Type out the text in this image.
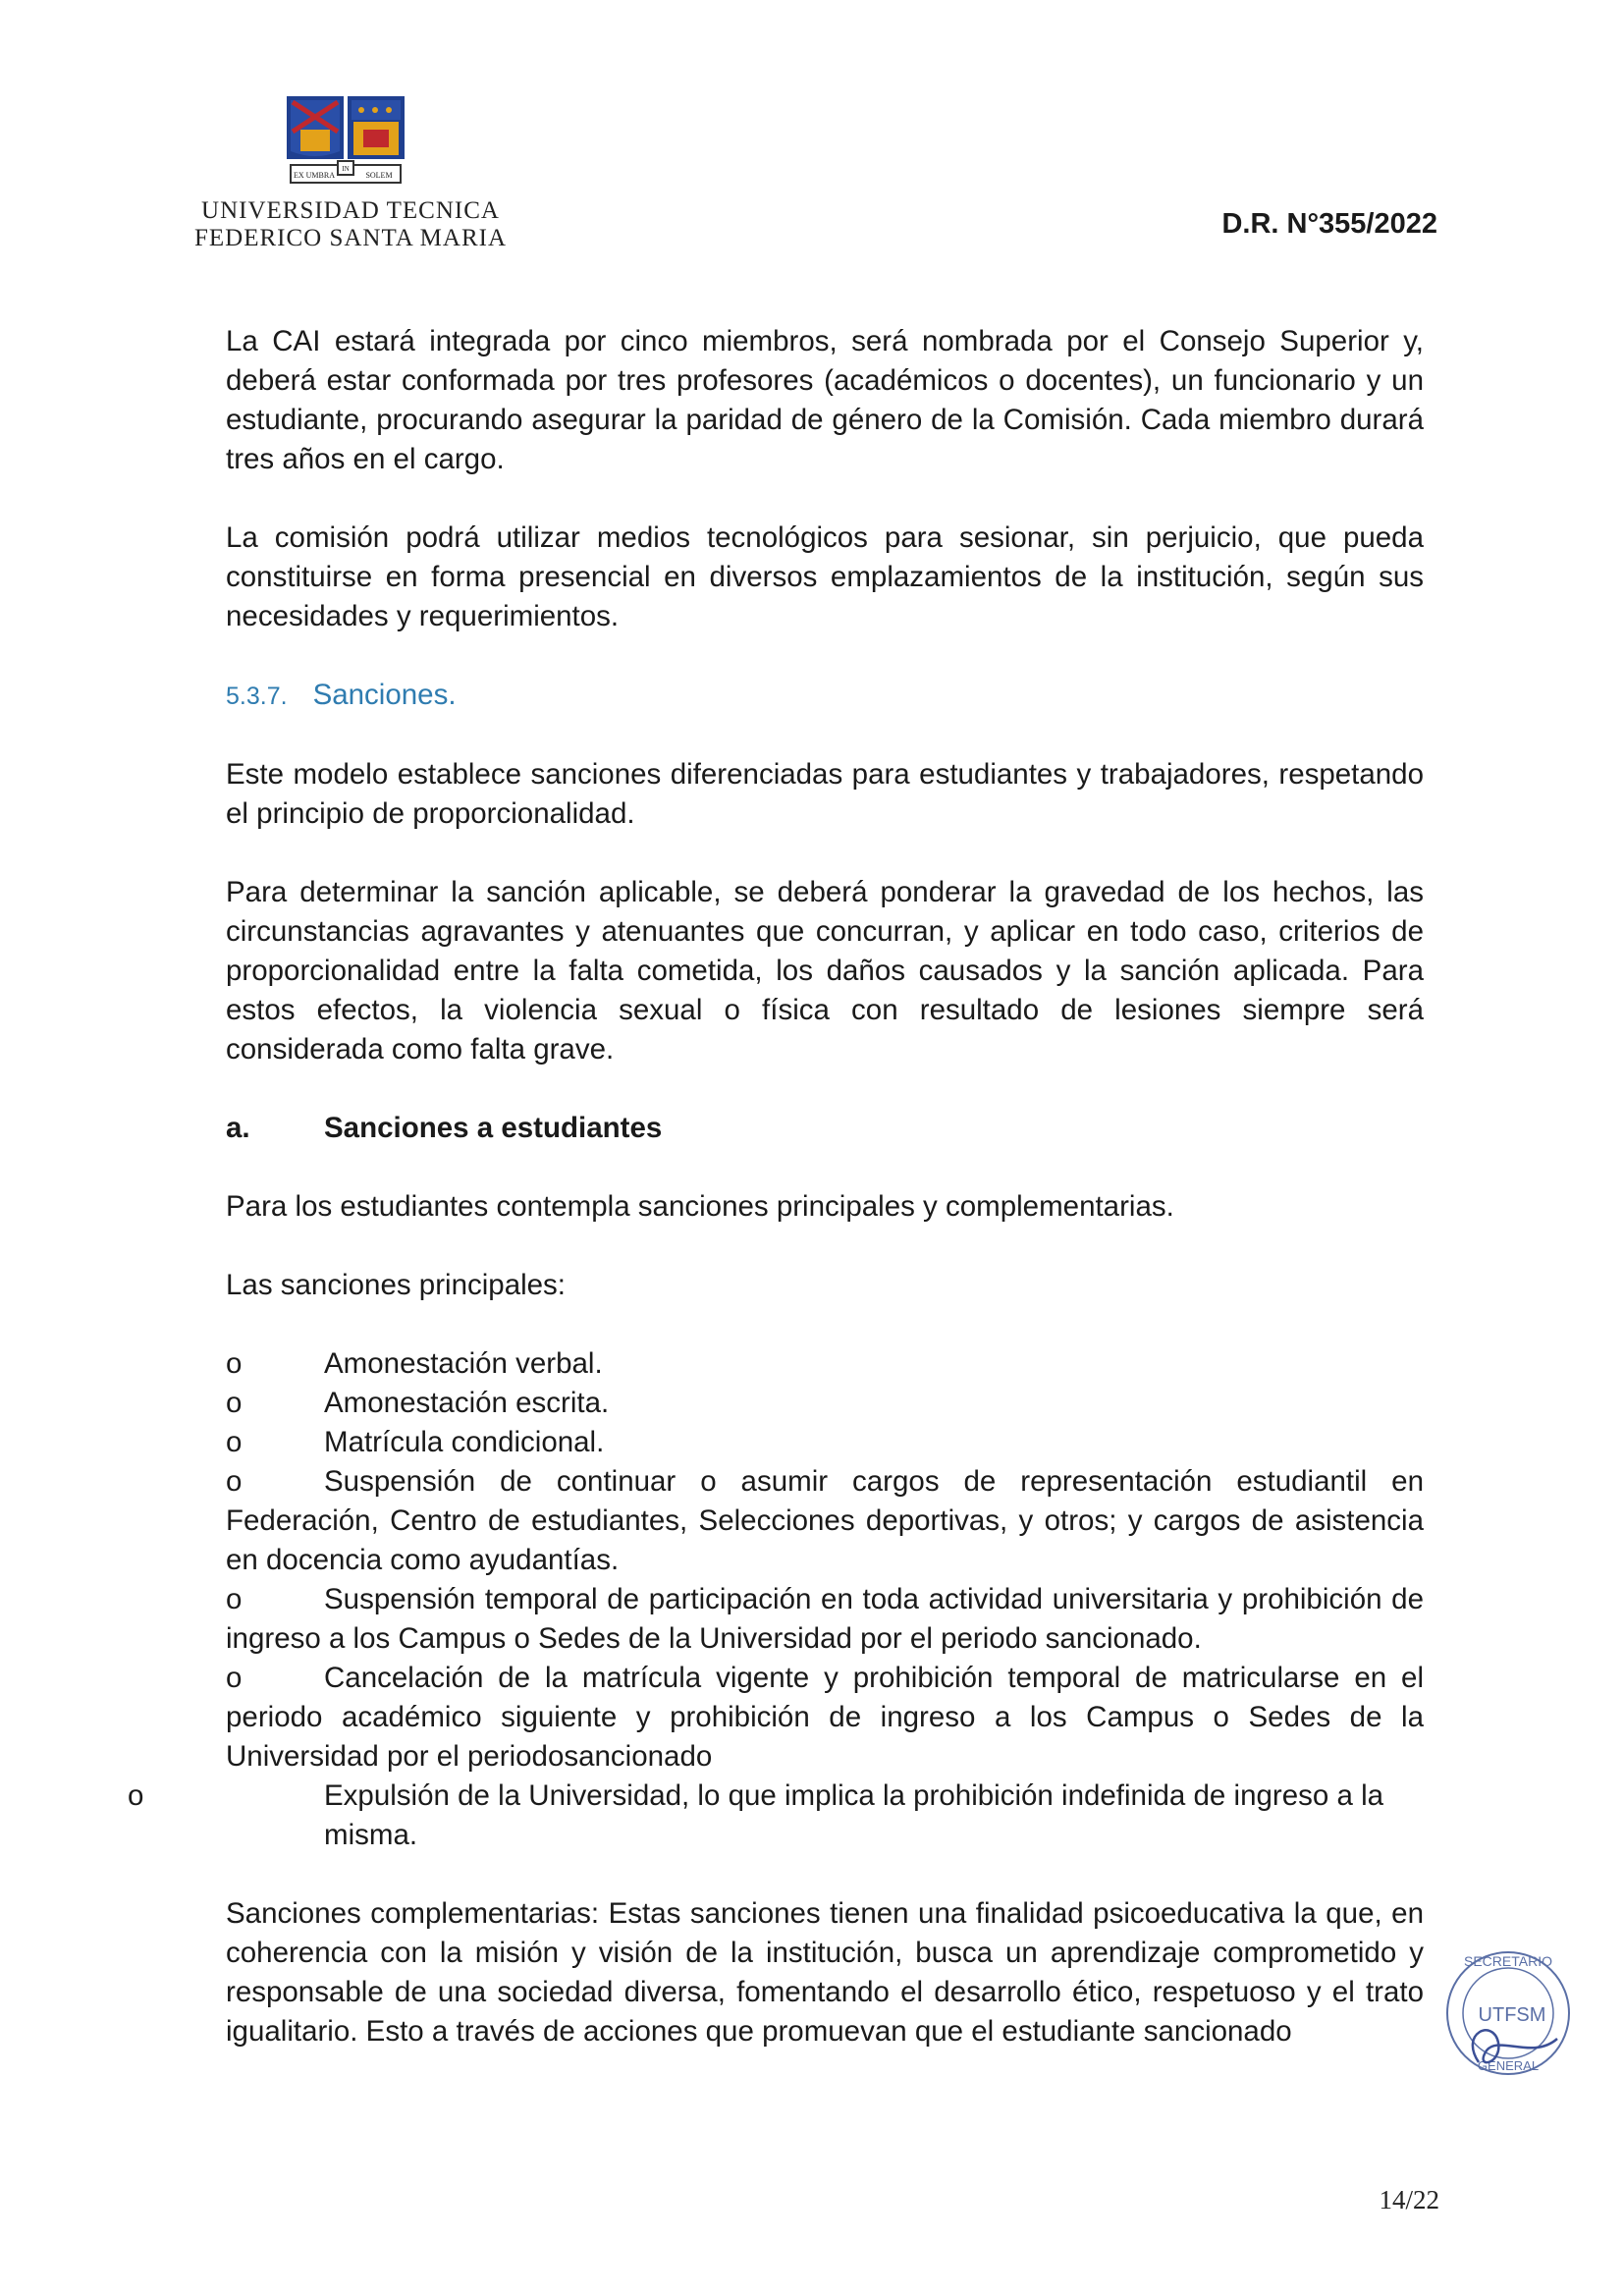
EX UMBRA
IN
SOLEM
UNIVERSIDAD TECNICA
FEDERICO SANTA MARIA	D.R. N°355/2022

La CAI estará integrada por cinco miembros, será nombrada por el Consejo Superior y, deberá estar conformada por tres profesores (académicos o docentes), un funcionario y un estudiante, procurando asegurar la paridad de género de la Comisión. Cada miembro durará tres años en el cargo.

La comisión podrá utilizar medios tecnológicos para sesionar, sin perjuicio, que pueda constituirse en forma presencial en diversos emplazamientos de la institución, según sus necesidades y requerimientos.

5.3.7. Sanciones.

Este modelo establece sanciones diferenciadas para estudiantes y trabajadores, respetando el principio de proporcionalidad.

Para determinar la sanción aplicable, se deberá ponderar la gravedad de los hechos, las circunstancias agravantes y atenuantes que concurran, y aplicar en todo caso, criterios de proporcionalidad entre la falta cometida, los daños causados y la sanción aplicada. Para estos efectos, la violencia sexual o física con resultado de lesiones siempre será considerada como falta grave.

a.	Sanciones a estudiantes

Para los estudiantes contempla sanciones principales y complementarias.

Las sanciones principales:

o	Amonestación verbal.
o	Amonestación escrita.
o	Matrícula condicional.
o	Suspensión de continuar o asumir cargos de representación estudiantil en Federación, Centro de estudiantes, Selecciones deportivas, y otros; y cargos de asistencia en docencia como ayudantías.
o	Suspensión temporal de participación en toda actividad universitaria y prohibición de ingreso a los Campus o Sedes de la Universidad por el periodo sancionado.
o	Cancelación de la matrícula vigente y prohibición temporal de matricularse en el periodo académico siguiente y prohibición de ingreso a los Campus o Sedes de la Universidad por el periodosancionado
o	Expulsión de la Universidad, lo que implica la prohibición indefinida de ingreso a la misma.

Sanciones complementarias: Estas sanciones tienen una finalidad psicoeducativa la que, en coherencia con la misión y visión de la institución, busca un aprendizaje comprometido y responsable de una sociedad diversa, fomentando el desarrollo ético, respetuoso y el trato igualitario. Esto a través de acciones que promuevan que el estudiante sancionado

SECRETARIO
UTFSM
GENERAL
14/22
